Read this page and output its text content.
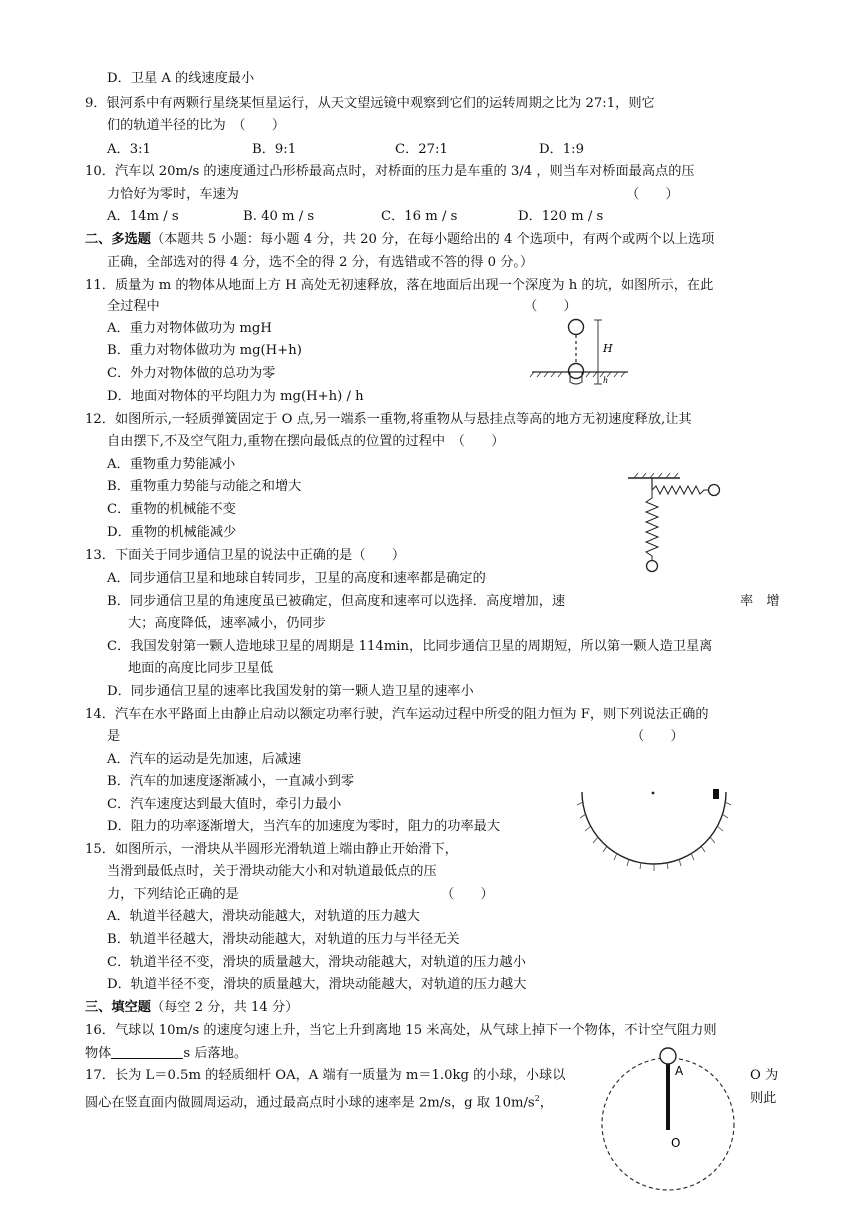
D．卫星 A 的线速度最小
9．银河系中有两颗行星绕某恒星运行，从天文望远镜中观察到它们的运转周期之比为 27:1，则它
们的轨道半径的比为　（　　）
A．3:1	B．9:1	C．27:1	D．1:9
10．汽车以 20m/s 的速度通过凸形桥最高点时，对桥面的压力是车重的 3/4 ，则当车对桥面最高点的压
力恰好为零时，车速为	（　　）
A．14m / s	B. 40 m / s	C．16 m / s	D．120 m / s
二、多选题（本题共 5 小题：每小题 4 分，共 20 分，在每小题给出的 4 个选项中，有两个或两个以上选项
正确，全部选对的得 4 分，选不全的得 2 分，有选错或不答的得 0 分。）
11．质量为 m 的物体从地面上方 H 高处无初速释放，落在地面后出现一个深度为 h 的坑，如图所示，在此
全过程中	（　　）
A．重力对物体做功为 mgH
B．重力对物体做功为 mg(H+h)
C．外力对物体做的总功为零
D．地面对物体的平均阻力为 mg(H+h) / h
H
h
12．如图所示,一轻质弹簧固定于 O 点,另一端系一重物,将重物从与悬挂点等高的地方无初速度释放,让其
自由摆下,不及空气阻力,重物在摆向最低点的位置的过程中　（　　）
A．重物重力势能减小
B．重物重力势能与动能之和增大
C．重物的机械能不变
D．重物的机械能减少
13．下面关于同步通信卫星的说法中正确的是（　　）
A．同步通信卫星和地球自转同步，卫星的高度和速率都是确定的
B．同步通信卫星的角速度虽已被确定，但高度和速率可以选择．高度增加，速	率　增
大；高度降低，速率减小，仍同步
C．我国发射第一颗人造地球卫星的周期是 114min，比同步通信卫星的周期短，所以第一颗人造卫星离
地面的高度比同步卫星低
D．同步通信卫星的速率比我国发射的第一颗人造卫星的速率小
14．汽车在水平路面上由静止启动以额定功率行驶，汽车运动过程中所受的阻力恒为 F，则下列说法正确的
是	（　　）
A．汽车的运动是先加速，后减速
B．汽车的加速度逐渐减小，一直减小到零
C．汽车速度达到最大值时，牵引力最小
D．阻力的功率逐渐增大，当汽车的加速度为零时，阻力的功率最大
15．如图所示，一滑块从半圆形光滑轨道上端由静止开始滑下，
当滑到最低点时，关于滑块动能大小和对轨道最低点的压
力，下列结论正确的是	（　　）
A．轨道半径越大，滑块动能越大，对轨道的压力越大
B．轨道半径越大，滑块动能越大，对轨道的压力与半径无关
C．轨道半径不变，滑块的质量越大，滑块动能越大，对轨道的压力越小
D．轨道半径不变，滑块的质量越大，滑块动能越大，对轨道的压力越大
三、填空题（每空 2 分，共 14 分）
16．气球以 10m/s 的速度匀速上升，当它上升到离地 15 米高处，从气球上掉下一个物体，不计空气阻力则
物体	s 后落地。
17．长为 L＝0.5m 的轻质细杆 OA，A 端有一质量为 m＝1.0kg 的小球，小球以	O 为
圆心在竖直面内做圆周运动，通过最高点时小球的速率是 2m/s，g 取 $10m/s^2$，	则此
A
O
